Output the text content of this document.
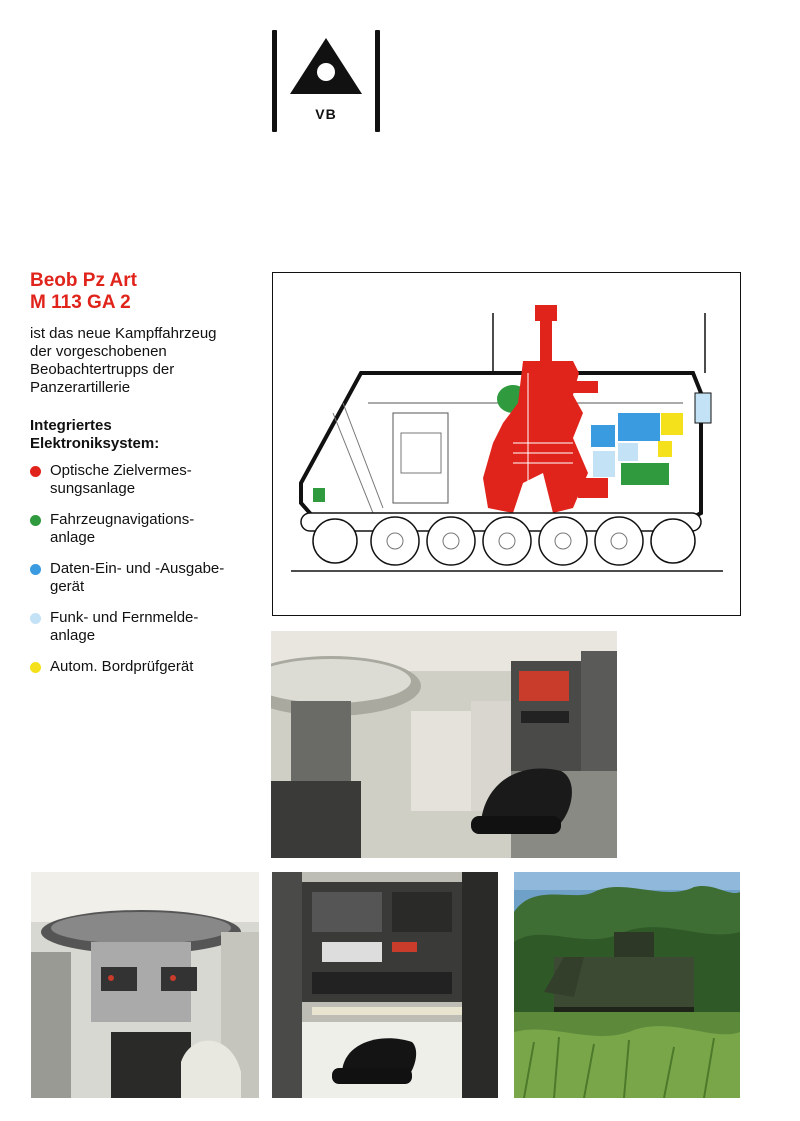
VB
Beob Pz Art
M 113 GA 2
ist das neue Kampffahrzeug
der vorgeschobenen
Beobachtertrupps der
Panzerartillerie
Integriertes
Elektroniksystem:
Optische Zielvermes-
sungsanlage
Fahrzeugnavigations-
anlage
Daten-Ein- und -Ausgabe-
gerät
Funk- und Fernmelde-
anlage
Autom. Bordprüfgerät
